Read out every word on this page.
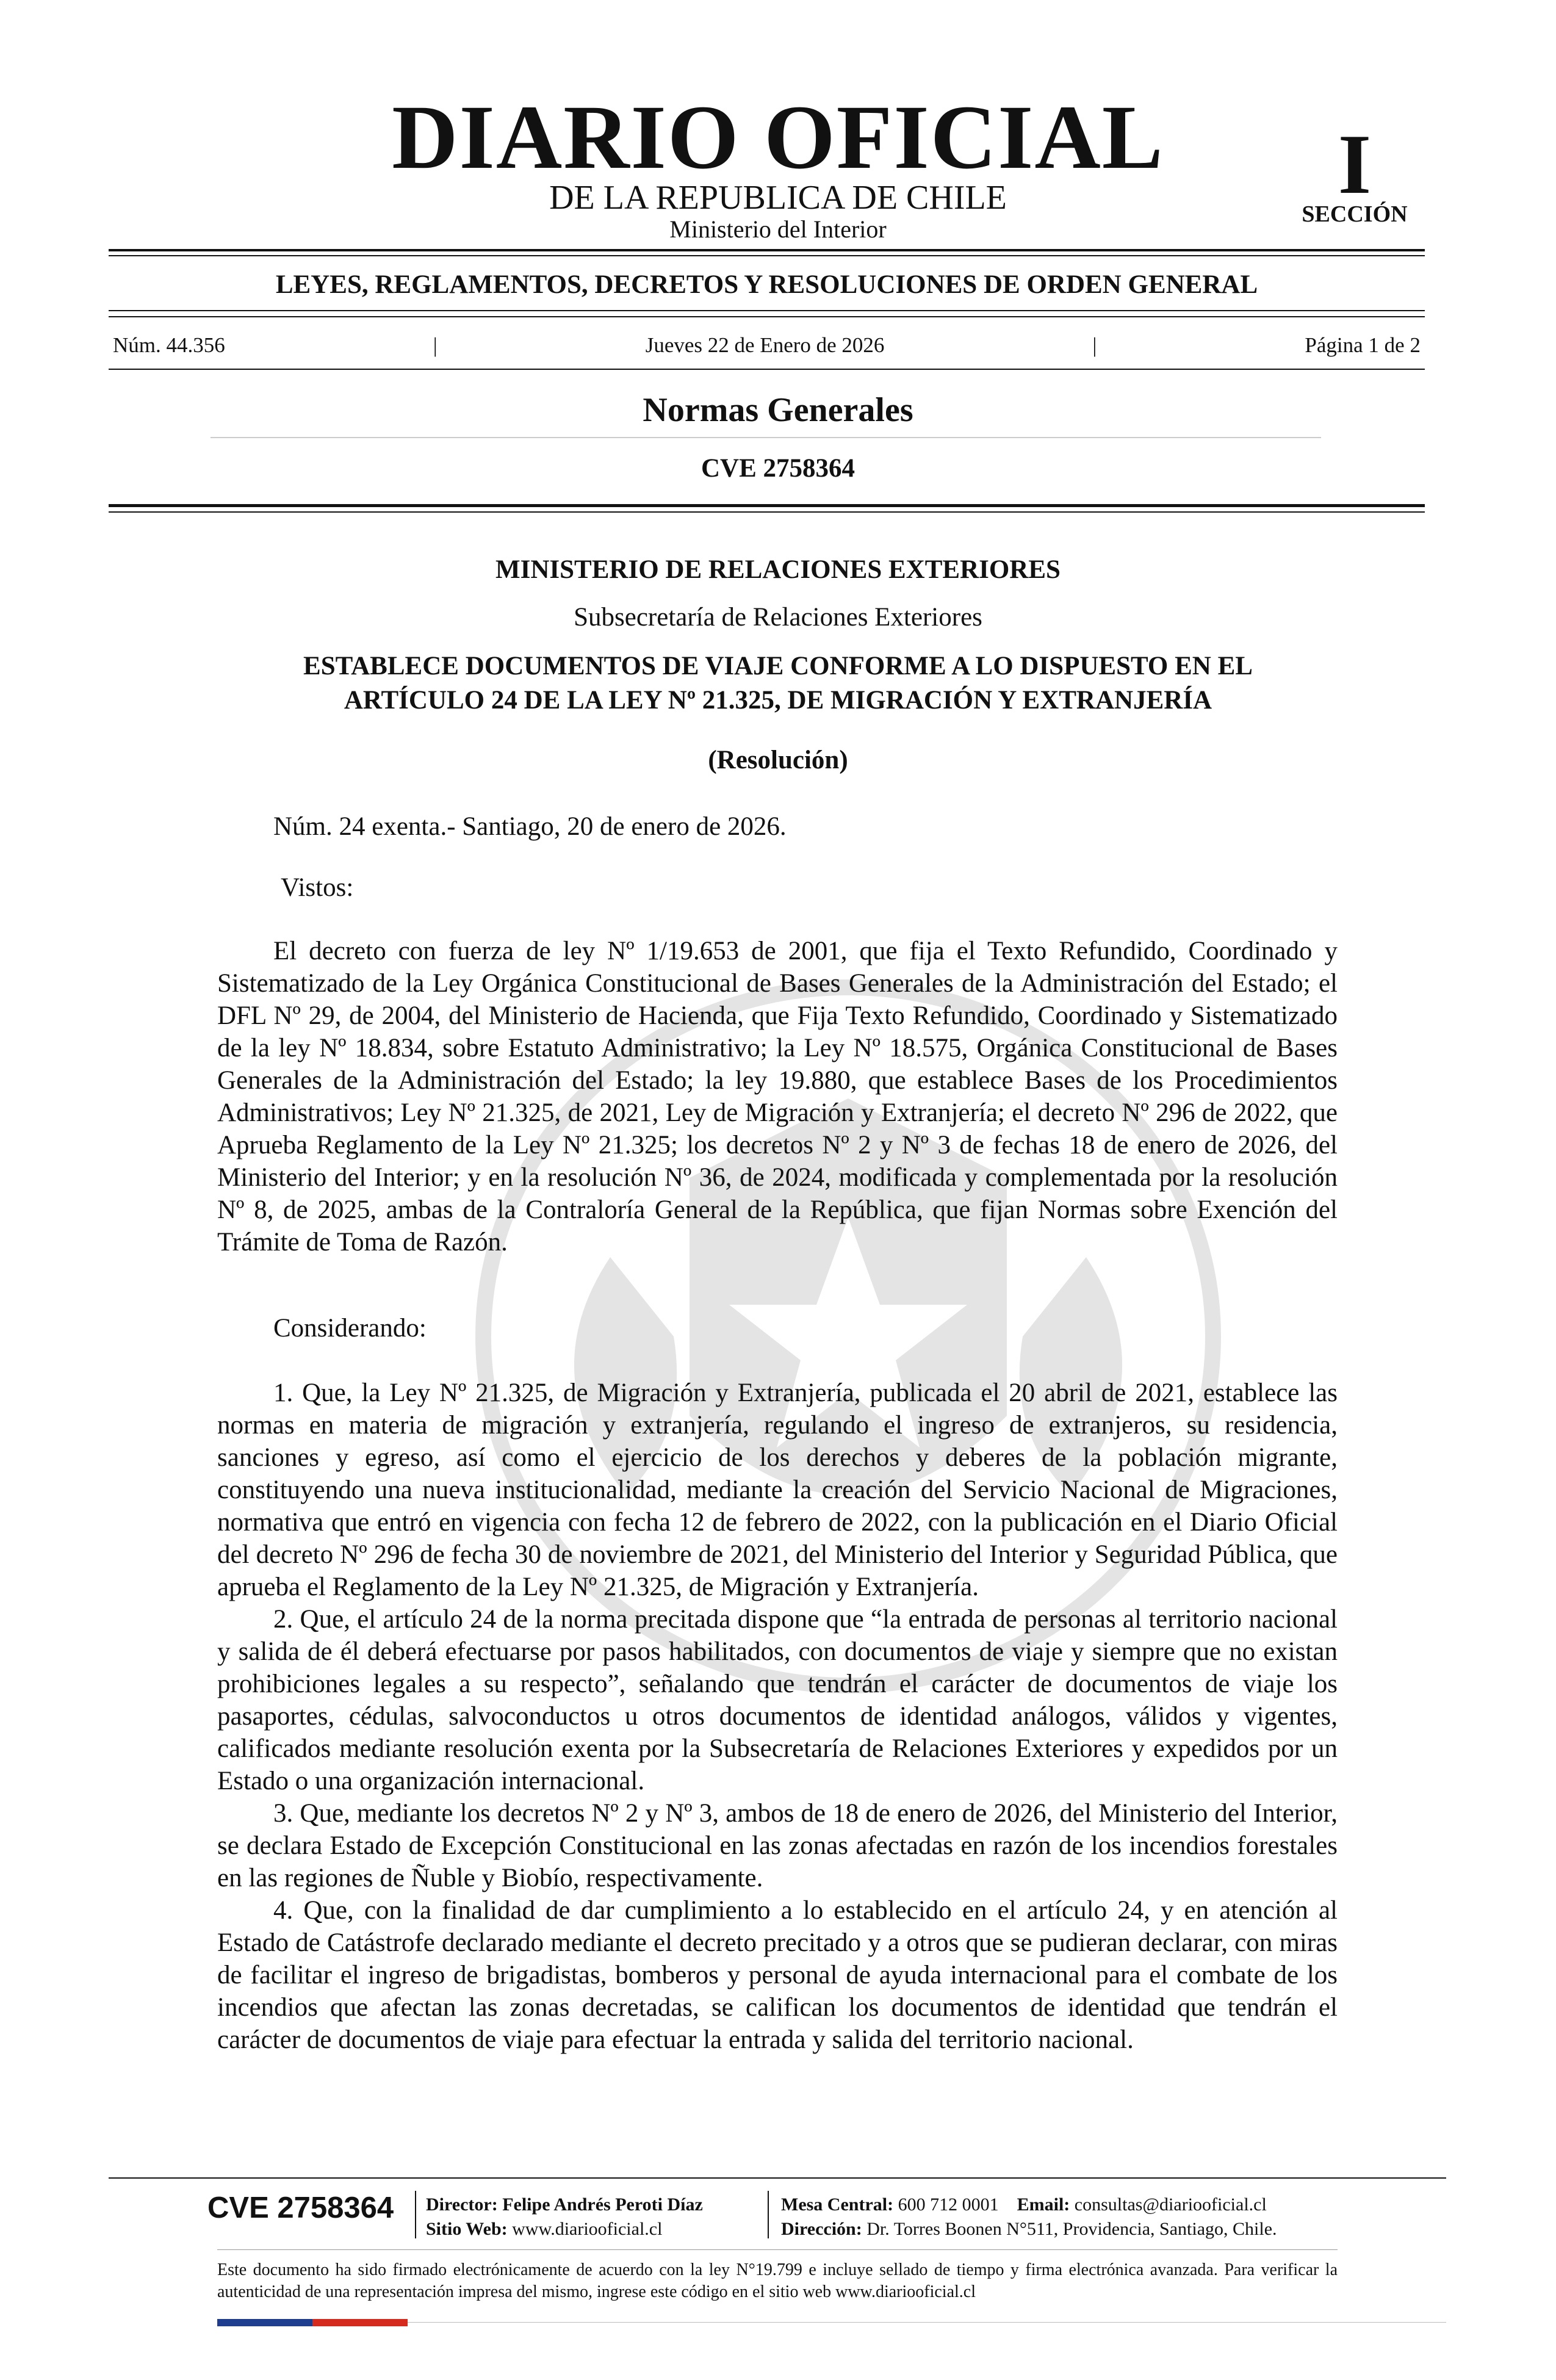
DIARIO OFICIAL
DE LA REPUBLICA DE CHILE
Ministerio del Interior
I
SECCIÓN
LEYES, REGLAMENTOS, DECRETOS Y RESOLUCIONES DE ORDEN GENERAL
Núm. 44.356	|	Jueves 22 de Enero de 2026	|	Página 1 de 2
Normas Generales
CVE 2758364
MINISTERIO DE RELACIONES EXTERIORES
Subsecretaría de Relaciones Exteriores
ESTABLECE DOCUMENTOS DE VIAJE CONFORME A LO DISPUESTO EN EL
ARTÍCULO 24 DE LA LEY Nº 21.325, DE MIGRACIÓN Y EXTRANJERÍA
(Resolución)
Núm. 24 exenta.- Santiago, 20 de enero de 2026.
Vistos:

El decreto con fuerza de ley Nº 1/19.653 de 2001, que fija el Texto Refundido, Coordinado y Sistematizado de la Ley Orgánica Constitucional de Bases Generales de la Administración del Estado; el DFL Nº 29, de 2004, del Ministerio de Hacienda, que Fija Texto Refundido, Coordinado y Sistematizado de la ley Nº 18.834, sobre Estatuto Administrativo; la Ley Nº 18.575, Orgánica Constitucional de Bases Generales de la Administración del Estado; la ley 19.880, que establece Bases de los Procedimientos Administrativos; Ley Nº 21.325, de 2021, Ley de Migración y Extranjería; el decreto Nº 296 de 2022, que Aprueba Reglamento de la Ley Nº 21.325; los decretos Nº 2 y Nº 3 de fechas 18 de enero de 2026, del Ministerio del Interior; y en la resolución Nº 36, de 2024, modificada y complementada por la resolución Nº 8, de 2025, ambas de la Contraloría General de la República, que fijan Normas sobre Exención del Trámite de Toma de Razón.

Considerando:

1. Que, la Ley Nº 21.325, de Migración y Extranjería, publicada el 20 abril de 2021, establece las normas en materia de migración y extranjería, regulando el ingreso de extranjeros, su residencia, sanciones y egreso, así como el ejercicio de los derechos y deberes de la población migrante, constituyendo una nueva institucionalidad, mediante la creación del Servicio Nacional de Migraciones, normativa que entró en vigencia con fecha 12 de febrero de 2022, con la publicación en el Diario Oficial del decreto Nº 296 de fecha 30 de noviembre de 2021, del Ministerio del Interior y Seguridad Pública, que aprueba el Reglamento de la Ley Nº 21.325, de Migración y Extranjería.

2. Que, el artículo 24 de la norma precitada dispone que “la entrada de personas al territorio nacional y salida de él deberá efectuarse por pasos habilitados, con documentos de viaje y siempre que no existan prohibiciones legales a su respecto”, señalando que tendrán el carácter de documentos de viaje los pasaportes, cédulas, salvoconductos u otros documentos de identidad análogos, válidos y vigentes, calificados mediante resolución exenta por la Subsecretaría de Relaciones Exteriores y expedidos por un Estado o una organización internacional.

3. Que, mediante los decretos Nº 2 y Nº 3, ambos de 18 de enero de 2026, del Ministerio del Interior, se declara Estado de Excepción Constitucional en las zonas afectadas en razón de los incendios forestales en las regiones de Ñuble y Biobío, respectivamente.

4. Que, con la finalidad de dar cumplimiento a lo establecido en el artículo 24, y en atención al Estado de Catástrofe declarado mediante el decreto precitado y a otros que se pudieran declarar, con miras de facilitar el ingreso de brigadistas, bomberos y personal de ayuda internacional para el combate de los incendios que afectan las zonas decretadas, se califican los documentos de identidad que tendrán el carácter de documentos de viaje para efectuar la entrada y salida del territorio nacional.

CVE 2758364 Director: Felipe Andrés Peroti Díaz
Sitio Web: www.diariooficial.cl
Mesa Central: 600 712 0001 Email: consultas@diariooficial.cl
Dirección: Dr. Torres Boonen N°511, Providencia, Santiago, Chile.
Este documento ha sido firmado electrónicamente de acuerdo con la ley N°19.799 e incluye sellado de tiempo y firma electrónica avanzada. Para verificar la autenticidad de una representación impresa del mismo, ingrese este código en el sitio web www.diariooficial.cl
